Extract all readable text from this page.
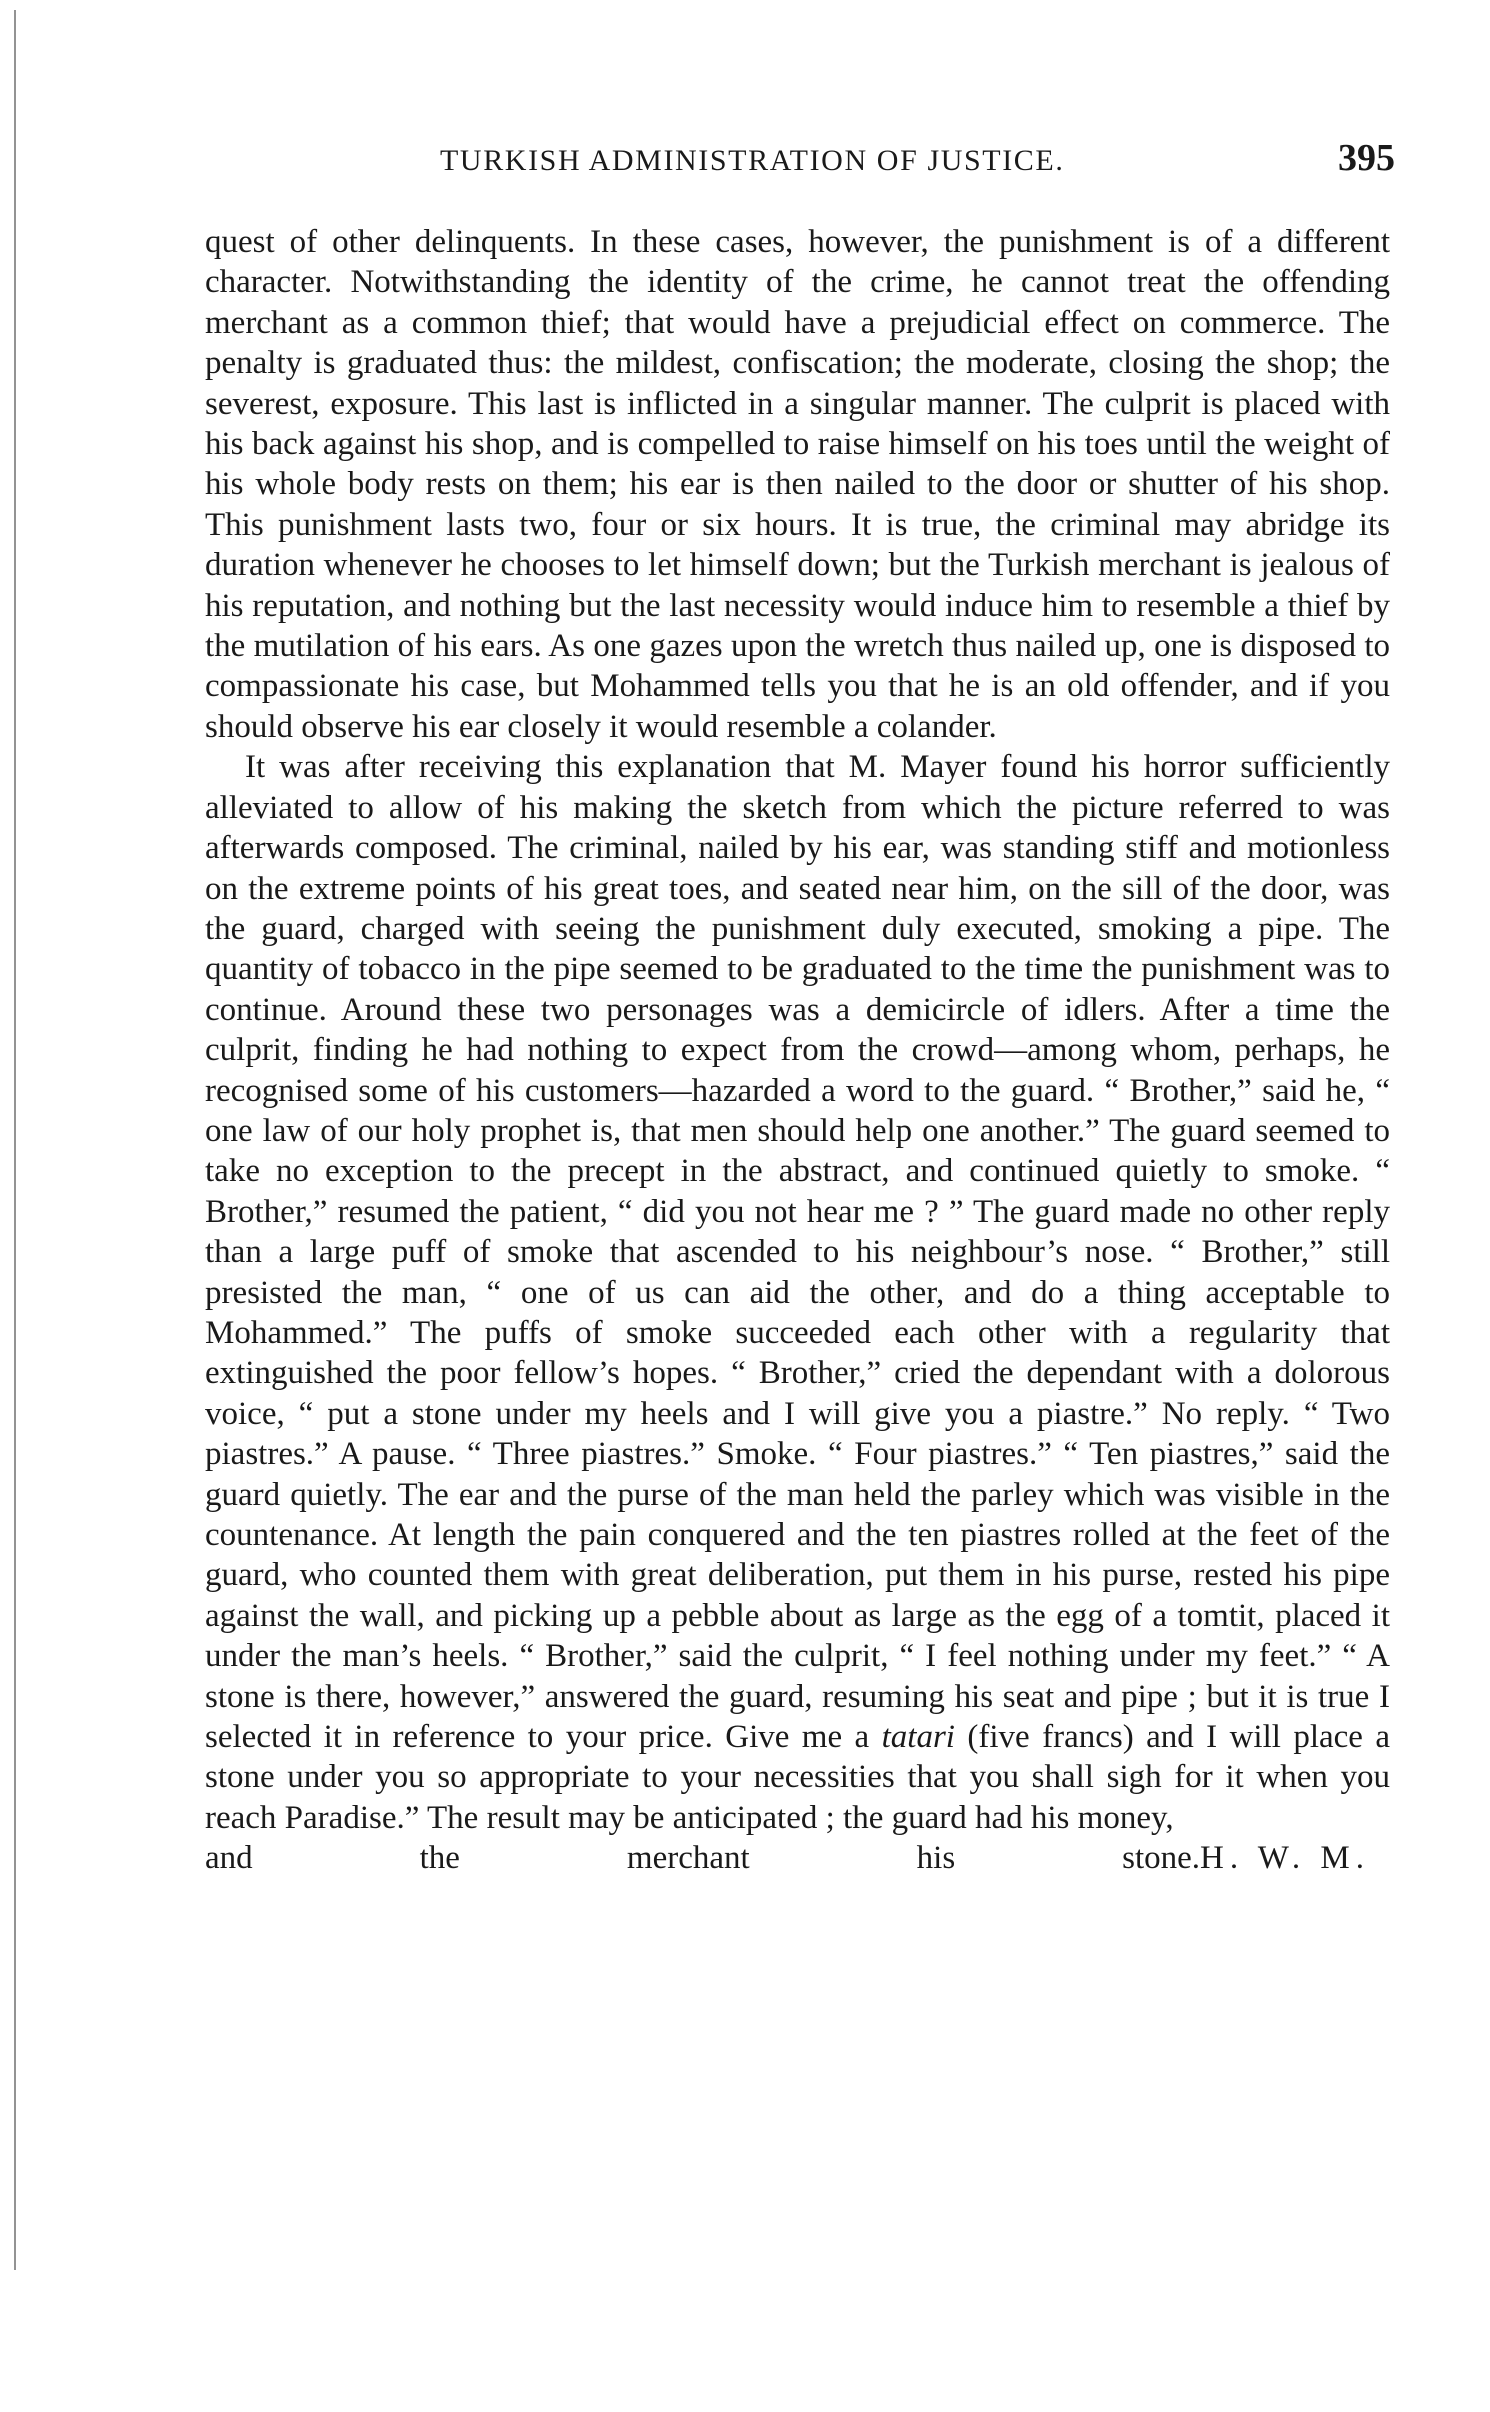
TURKISH ADMINISTRATION OF JUSTICE.	395

quest of other delinquents. In these cases, however, the punishment is of a different character. Notwithstanding the identity of the crime, he cannot treat the offending merchant as a common thief; that would have a prejudicial effect on commerce. The penalty is graduated thus: the mildest, confiscation; the moderate, closing the shop; the severest, exposure. This last is inflicted in a singular manner. The culprit is placed with his back against his shop, and is compelled to raise himself on his toes until the weight of his whole body rests on them; his ear is then nailed to the door or shutter of his shop. This punishment lasts two, four or six hours. It is true, the criminal may abridge its duration whenever he chooses to let himself down; but the Turkish merchant is jealous of his reputation, and nothing but the last necessity would induce him to resemble a thief by the mutilation of his ears. As one gazes upon the wretch thus nailed up, one is disposed to compassionate his case, but Mohammed tells you that he is an old offender, and if you should observe his ear closely it would resemble a colander.

It was after receiving this explanation that M. Mayer found his horror sufficiently alleviated to allow of his making the sketch from which the picture referred to was afterwards composed. The criminal, nailed by his ear, was standing stiff and motionless on the extreme points of his great toes, and seated near him, on the sill of the door, was the guard, charged with seeing the punishment duly executed, smoking a pipe. The quantity of tobacco in the pipe seemed to be graduated to the time the punishment was to continue. Around these two personages was a demicircle of idlers. After a time the culprit, finding he had nothing to expect from the crowd—among whom, perhaps, he recognised some of his customers—hazarded a word to the guard. “ Brother,” said he, “ one law of our holy prophet is, that men should help one another.” The guard seemed to take no exception to the precept in the abstract, and continued quietly to smoke. “ Brother,” resumed the patient, “ did you not hear me ? ” The guard made no other reply than a large puff of smoke that ascended to his neighbour’s nose. “ Brother,” still presisted the man, “ one of us can aid the other, and do a thing acceptable to Mohammed.” The puffs of smoke succeeded each other with a regularity that extinguished the poor fellow’s hopes. “ Brother,” cried the dependant with a dolorous voice, “ put a stone under my heels and I will give you a piastre.” No reply. “ Two piastres.” A pause. “ Three piastres.” Smoke. “ Four piastres.” “ Ten piastres,” said the guard quietly. The ear and the purse of the man held the parley which was visible in the countenance. At length the pain conquered and the ten piastres rolled at the feet of the guard, who counted them with great deliberation, put them in his purse, rested his pipe against the wall, and picking up a pebble about as large as the egg of a tomtit, placed it under the man’s heels. “ Brother,” said the culprit, “ I feel nothing under my feet.” “ A stone is there, however,” answered the guard, resuming his seat and pipe ; but it is true I selected it in reference to your price. Give me a tatari (five francs) and I will place a stone under you so appropriate to your necessities that you shall sigh for it when you reach Paradise.” The result may be anticipated ; the guard had his money,

and the merchant his stone. H. W. M.
